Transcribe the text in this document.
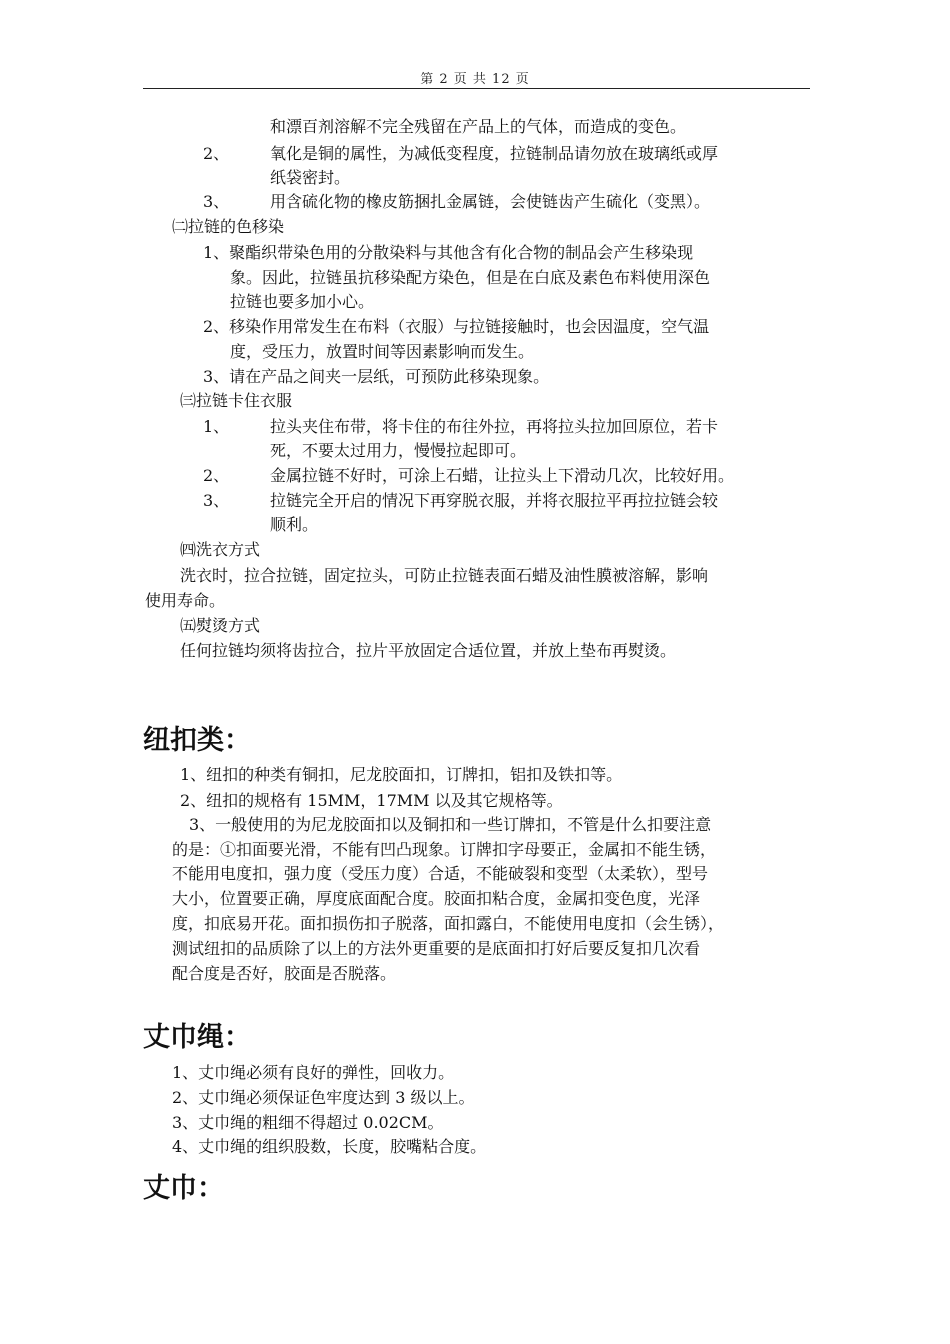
第 2 页 共 12 页
和漂百剂溶解不完全残留在产品上的气体，而造成的变色。
2、	氧化是铜的属性，为减低变程度，拉链制品请勿放在玻璃纸或厚
纸袋密封。
3、	用含硫化物的橡皮筋捆扎金属链，会使链齿产生硫化（变黑）。
㈡拉链的色移染
1、聚酯织带染色用的分散染料与其他含有化合物的制品会产生移染现
象。因此，拉链虽抗移染配方染色，但是在白底及素色布料使用深色
拉链也要多加小心。
2、移染作用常发生在布料（衣服）与拉链接触时，也会因温度，空气温
度，受压力，放置时间等因素影响而发生。
3、请在产品之间夹一层纸，可预防此移染现象。
㈢拉链卡住衣服
1、	拉头夹住布带，将卡住的布往外拉，再将拉头拉加回原位，若卡
死，不要太过用力，慢慢拉起即可。
2、	金属拉链不好时，可涂上石蜡，让拉头上下滑动几次，比较好用。
3、	拉链完全开启的情况下再穿脱衣服，并将衣服拉平再拉拉链会较
顺利。
㈣洗衣方式
洗衣时，拉合拉链，固定拉头，可防止拉链表面石蜡及油性膜被溶解，影响
使用寿命。
㈤熨烫方式
任何拉链均须将齿拉合，拉片平放固定合适位置，并放上垫布再熨烫。
纽扣类：
1、纽扣的种类有铜扣，尼龙胶面扣，订牌扣，铝扣及铁扣等。
2、纽扣的规格有 15MM，17MM 以及其它规格等。
3、一般使用的为尼龙胶面扣以及铜扣和一些订牌扣，不管是什么扣要注意
的是：①扣面要光滑，不能有凹凸现象。订牌扣字母要正，金属扣不能生锈，
不能用电度扣，强力度（受压力度）合适，不能破裂和变型（太柔软），型号
大小，位置要正确，厚度底面配合度。胶面扣粘合度，金属扣变色度，光泽
度，扣底易开花。面扣损伤扣子脱落，面扣露白，不能使用电度扣（会生锈），
测试纽扣的品质除了以上的方法外更重要的是底面扣打好后要反复扣几次看
配合度是否好，胶面是否脱落。
丈巾绳：
1、丈巾绳必须有良好的弹性，回收力。
2、丈巾绳必须保证色牢度达到 3 级以上。
3、丈巾绳的粗细不得超过 0.02CM。
4、丈巾绳的组织股数，长度，胶嘴粘合度。
丈巾：
